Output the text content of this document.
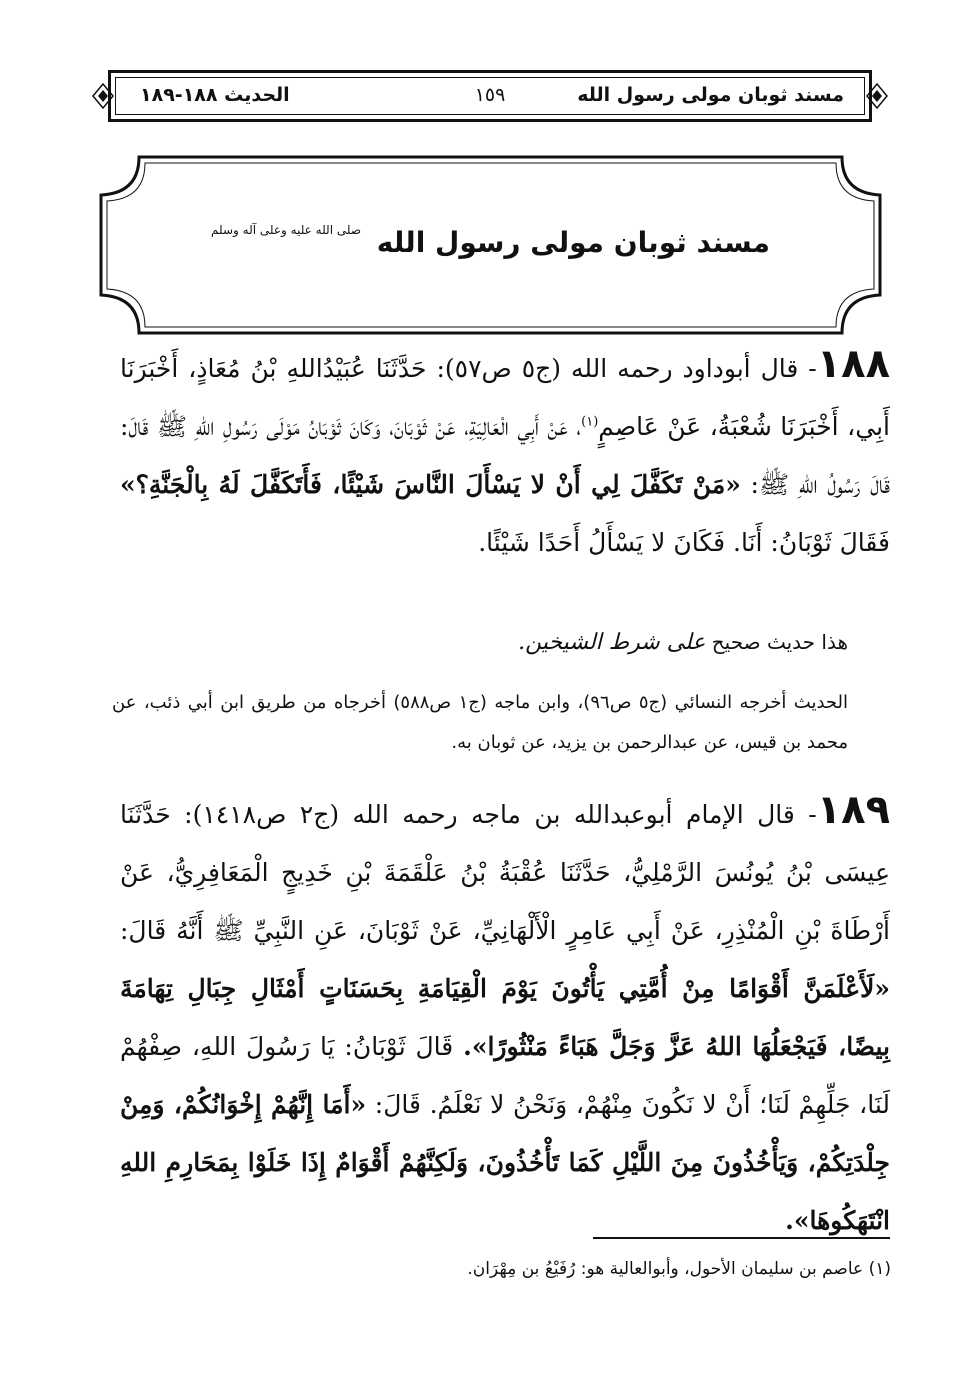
مسند ثوبان مولى رسول الله
١٥٩
الحديث ١٨٨-١٨٩
مسند ثوبان مولى رسول الله صلى الله عليه وعلى آله وسلم
١٨٨- قال أبوداود رحمه الله (ج٥ ص٥٧): حَدَّثَنَا عُبَيْدُاللهِ بْنُ مُعَاذٍ، أَخْبَرَنَا أَبِي، أَخْبَرَنَا شُعْبَةُ، عَنْ عَاصِمٍ$^{(١)}$، عَنْ أَبِي الْعَالِيَةِ، عَنْ ثَوْبَانَ، وَكَانَ ثَوْبَانُ مَوْلَى رَسُولِ اللهِ ﷺ قَالَ: قَالَ رَسُولُ اللهِ ﷺ: «مَنْ تَكَفَّلَ لِي أَنْ لا يَسْأَلَ النَّاسَ شَيْئًا، فَأَتَكَفَّلَ لَهُ بِالْجَنَّةِ؟» فَقَالَ ثَوْبَانُ: أَنَا. فَكَانَ لا يَسْأَلُ أَحَدًا شَيْئًا.
هذا حديث صحيح على شرط الشيخين.
الحديث أخرجه النسائي (ج٥ ص٩٦)، وابن ماجه (ج١ ص٥٨٨) أخرجاه من طريق ابن أبي ذئب، عن محمد بن قيس، عن عبدالرحمن بن يزيد، عن ثوبان به.
١٨٩- قال الإمام أبوعبدالله بن ماجه رحمه الله (ج٢ ص١٤١٨): حَدَّثَنَا عِيسَى بْنُ يُونُسَ الرَّمْلِيُّ، حَدَّثَنَا عُقْبَةُ بْنُ عَلْقَمَةَ بْنِ خَدِيجٍ الْمَعَافِرِيُّ، عَنْ أَرْطَاةَ بْنِ الْمُنْذِرِ، عَنْ أَبِي عَامِرٍ الْأَلْهَانِيِّ، عَنْ ثَوْبَانَ، عَنِ النَّبِيِّ ﷺ أَنَّهُ قَالَ: «لَأَعْلَمَنَّ أَقْوَامًا مِنْ أُمَّتِي يَأْتُونَ يَوْمَ الْقِيَامَةِ بِحَسَنَاتٍ أَمْثَالِ جِبَالِ تِهَامَةَ بِيضًا، فَيَجْعَلُهَا اللهُ عَزَّ وَجَلَّ هَبَاءً مَنْثُورًا». قَالَ ثَوْبَانُ: يَا رَسُولَ اللهِ، صِفْهُمْ لَنَا، جَلِّهِمْ لَنَا؛ أَنْ لا نَكُونَ مِنْهُمْ، وَنَحْنُ لا نَعْلَمُ. قَالَ: «أَمَا إِنَّهُمْ إِخْوَانُكُمْ، وَمِنْ جِلْدَتِكُمْ، وَيَأْخُذُونَ مِنَ اللَّيْلِ كَمَا تَأْخُذُونَ، وَلَكِنَّهُمْ أَقْوَامٌ إِذَا خَلَوْا بِمَحَارِمِ اللهِ انْتَهَكُوهَا».
(١) عاصم بن سليمان الأحول، وأبوالعالية هو: رُفَيْعُ بن مِهْرَان.
